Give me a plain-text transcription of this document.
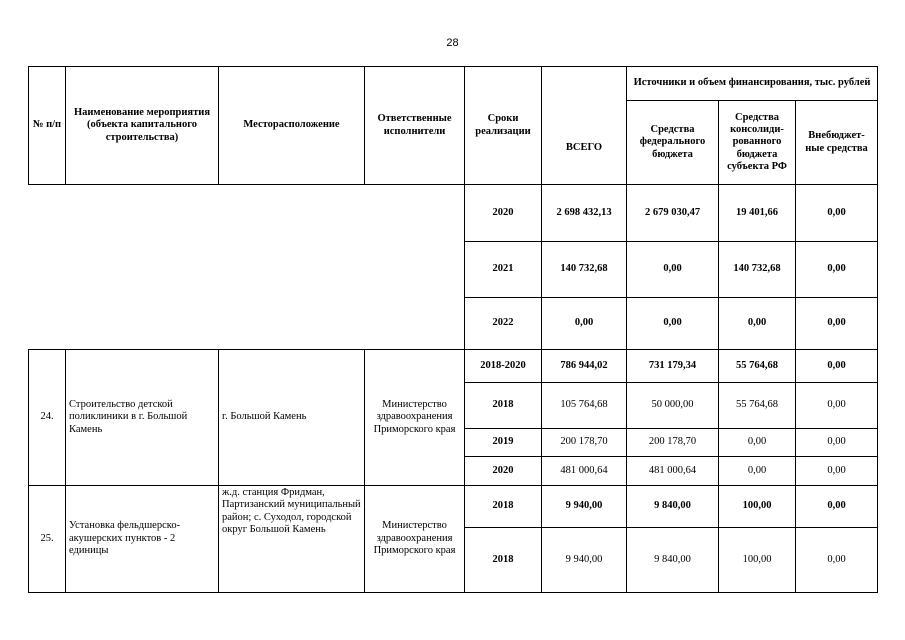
28
№ п/п	Наименование мероприятия (объекта капитального строительства)	Месторасположение	Ответственные исполнители	Сроки реализации	ВСЕГО	Источники и объем финансирования, тыс. рублей		
						Средства федерального бюджета	Средства консолиди-рованного бюджета субъекта РФ	Внебюджет-ные средства
				2020	2 698 432,13	2 679 030,47	19 401,66	0,00
				2021	140 732,68	0,00	140 732,68	0,00
				2022	0,00	0,00	0,00	0,00
24.	Строительство детской поликлиники в г. Большой Камень	г. Большой Камень	Министерство здравоохранения Приморского края	2018-2020	786 944,02	731 179,34	55 764,68	0,00
				2018	105 764,68	50 000,00	55 764,68	0,00
				2019	200 178,70	200 178,70	0,00	0,00
				2020	481 000,64	481 000,64	0,00	0,00
25.	Установка фельдшерско-акушерских пунктов - 2 единицы	ж.д. станция Фридман, Партизанский муниципальный район; с. Суходол, городской округ Большой Камень	Министерство здравоохранения Приморского края	2018	9 940,00	9 840,00	100,00	0,00
				2018	9 940,00	9 840,00	100,00	0,00
